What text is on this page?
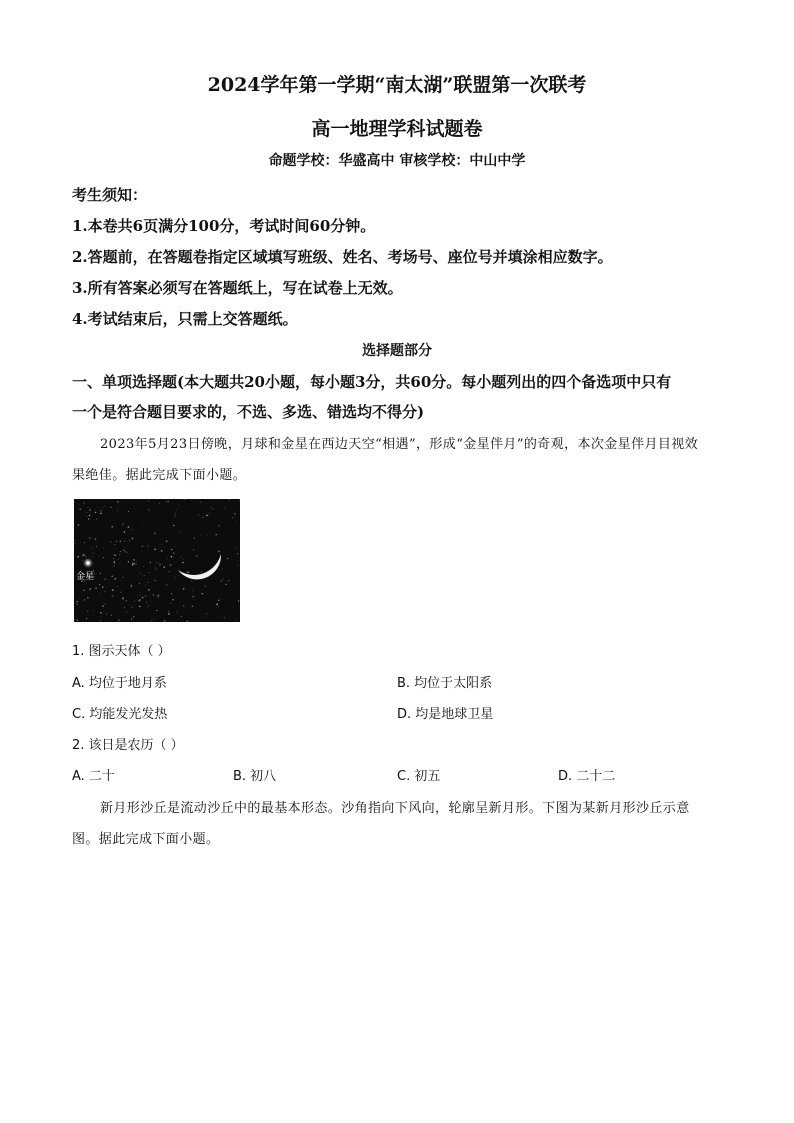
2024学年第一学期“南太湖”联盟第一次联考
高一地理学科试题卷
命题学校：华盛高中 审核学校：中山中学
考生须知：
1.本卷共6页满分100分，考试时间60分钟。
2.答题前，在答题卷指定区域填写班级、姓名、考场号、座位号并填涂相应数字。
3.所有答案必须写在答题纸上，写在试卷上无效。
4.考试结束后，只需上交答题纸。
选择题部分
一、单项选择题(本大题共20小题，每小题3分，共60分。每小题列出的四个备选项中只有
一个是符合题目要求的，不选、多选、错选均不得分)
2023年5月23日傍晚，月球和金星在西边天空“相遇”，形成“金星伴月”的奇观，本次金星伴月目视效
果绝佳。据此完成下面小题。
金星
1. 图示天体（ ）
A. 均位于地月系	B. 均位于太阳系
C. 均能发光发热	D. 均是地球卫星
2. 该日是农历（ ）
A. 二十	B. 初八	C. 初五	D. 二十二
新月形沙丘是流动沙丘中的最基本形态。沙角指向下风向，轮廓呈新月形。下图为某新月形沙丘示意
图。据此完成下面小题。
